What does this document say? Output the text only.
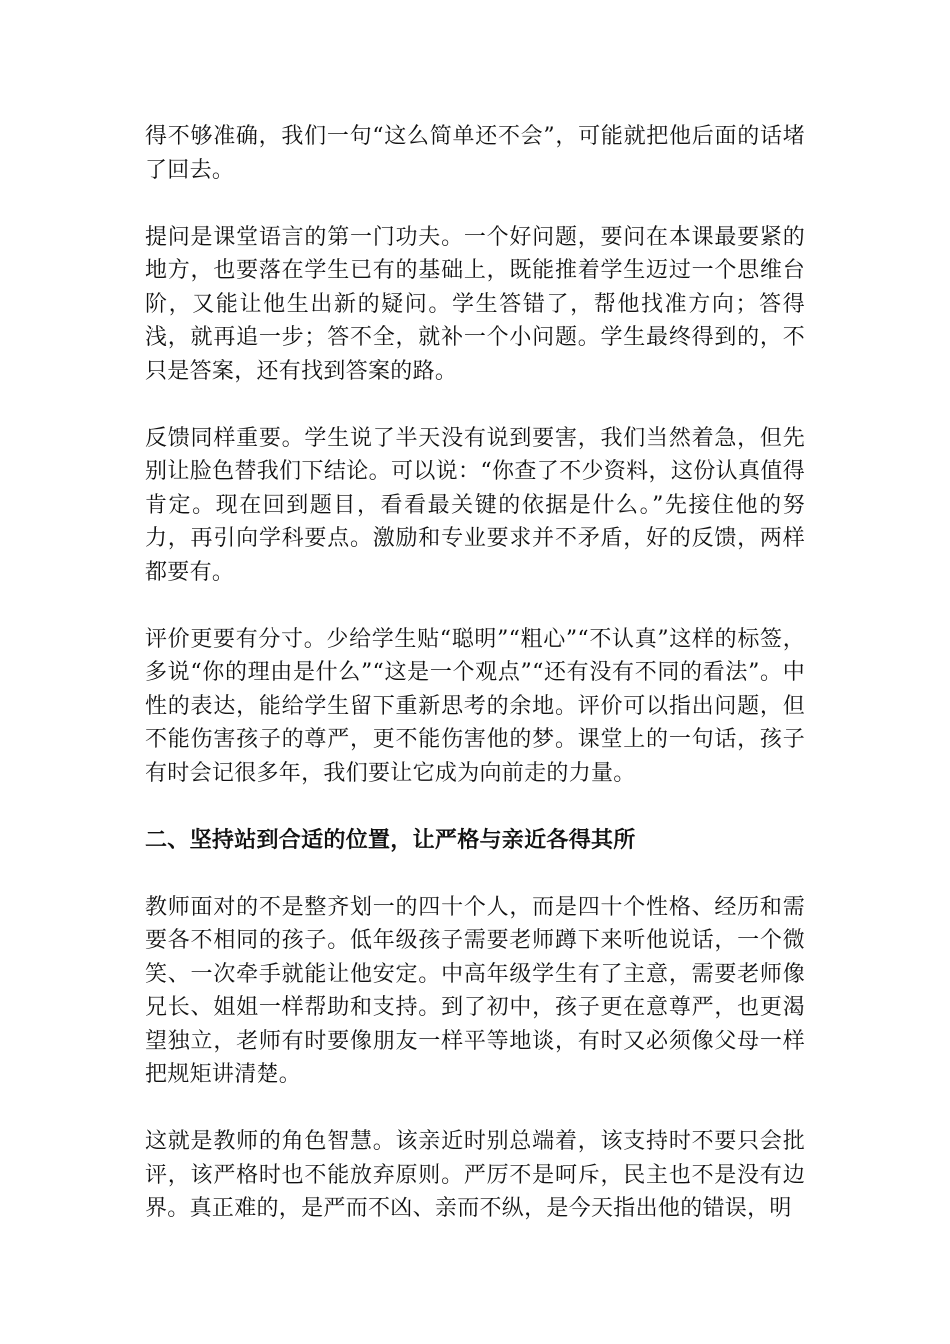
得不够准确，我们一句“这么简单还不会”，可能就把他后面的话堵了回去。

提问是课堂语言的第一门功夫。一个好问题，要问在本课最要紧的地方，也要落在学生已有的基础上，既能推着学生迈过一个思维台阶，又能让他生出新的疑问。学生答错了，帮他找准方向；答得浅，就再追一步；答不全，就补一个小问题。学生最终得到的，不只是答案，还有找到答案的路。

反馈同样重要。学生说了半天没有说到要害，我们当然着急，但先别让脸色替我们下结论。可以说：“你查了不少资料，这份认真值得肯定。现在回到题目，看看最关键的依据是什么。”先接住他的努力，再引向学科要点。激励和专业要求并不矛盾，好的反馈，两样都要有。

评价更要有分寸。少给学生贴“聪明”“粗心”“不认真”这样的标签，多说“你的理由是什么”“这是一个观点”“还有没有不同的看法”。中性的表达，能给学生留下重新思考的余地。评价可以指出问题，但不能伤害孩子的尊严，更不能伤害他的梦。课堂上的一句话，孩子有时会记很多年，我们要让它成为向前走的力量。

二、坚持站到合适的位置，让严格与亲近各得其所

教师面对的不是整齐划一的四十个人，而是四十个性格、经历和需要各不相同的孩子。低年级孩子需要老师蹲下来听他说话，一个微笑、一次牵手就能让他安定。中高年级学生有了主意，需要老师像兄长、姐姐一样帮助和支持。到了初中，孩子更在意尊严，也更渴望独立，老师有时要像朋友一样平等地谈，有时又必须像父母一样把规矩讲清楚。

这就是教师的角色智慧。该亲近时别总端着，该支持时不要只会批评，该严格时也不能放弃原则。严厉不是呵斥，民主也不是没有边界。真正难的，是严而不凶、亲而不纵，是今天指出他的错误，明
